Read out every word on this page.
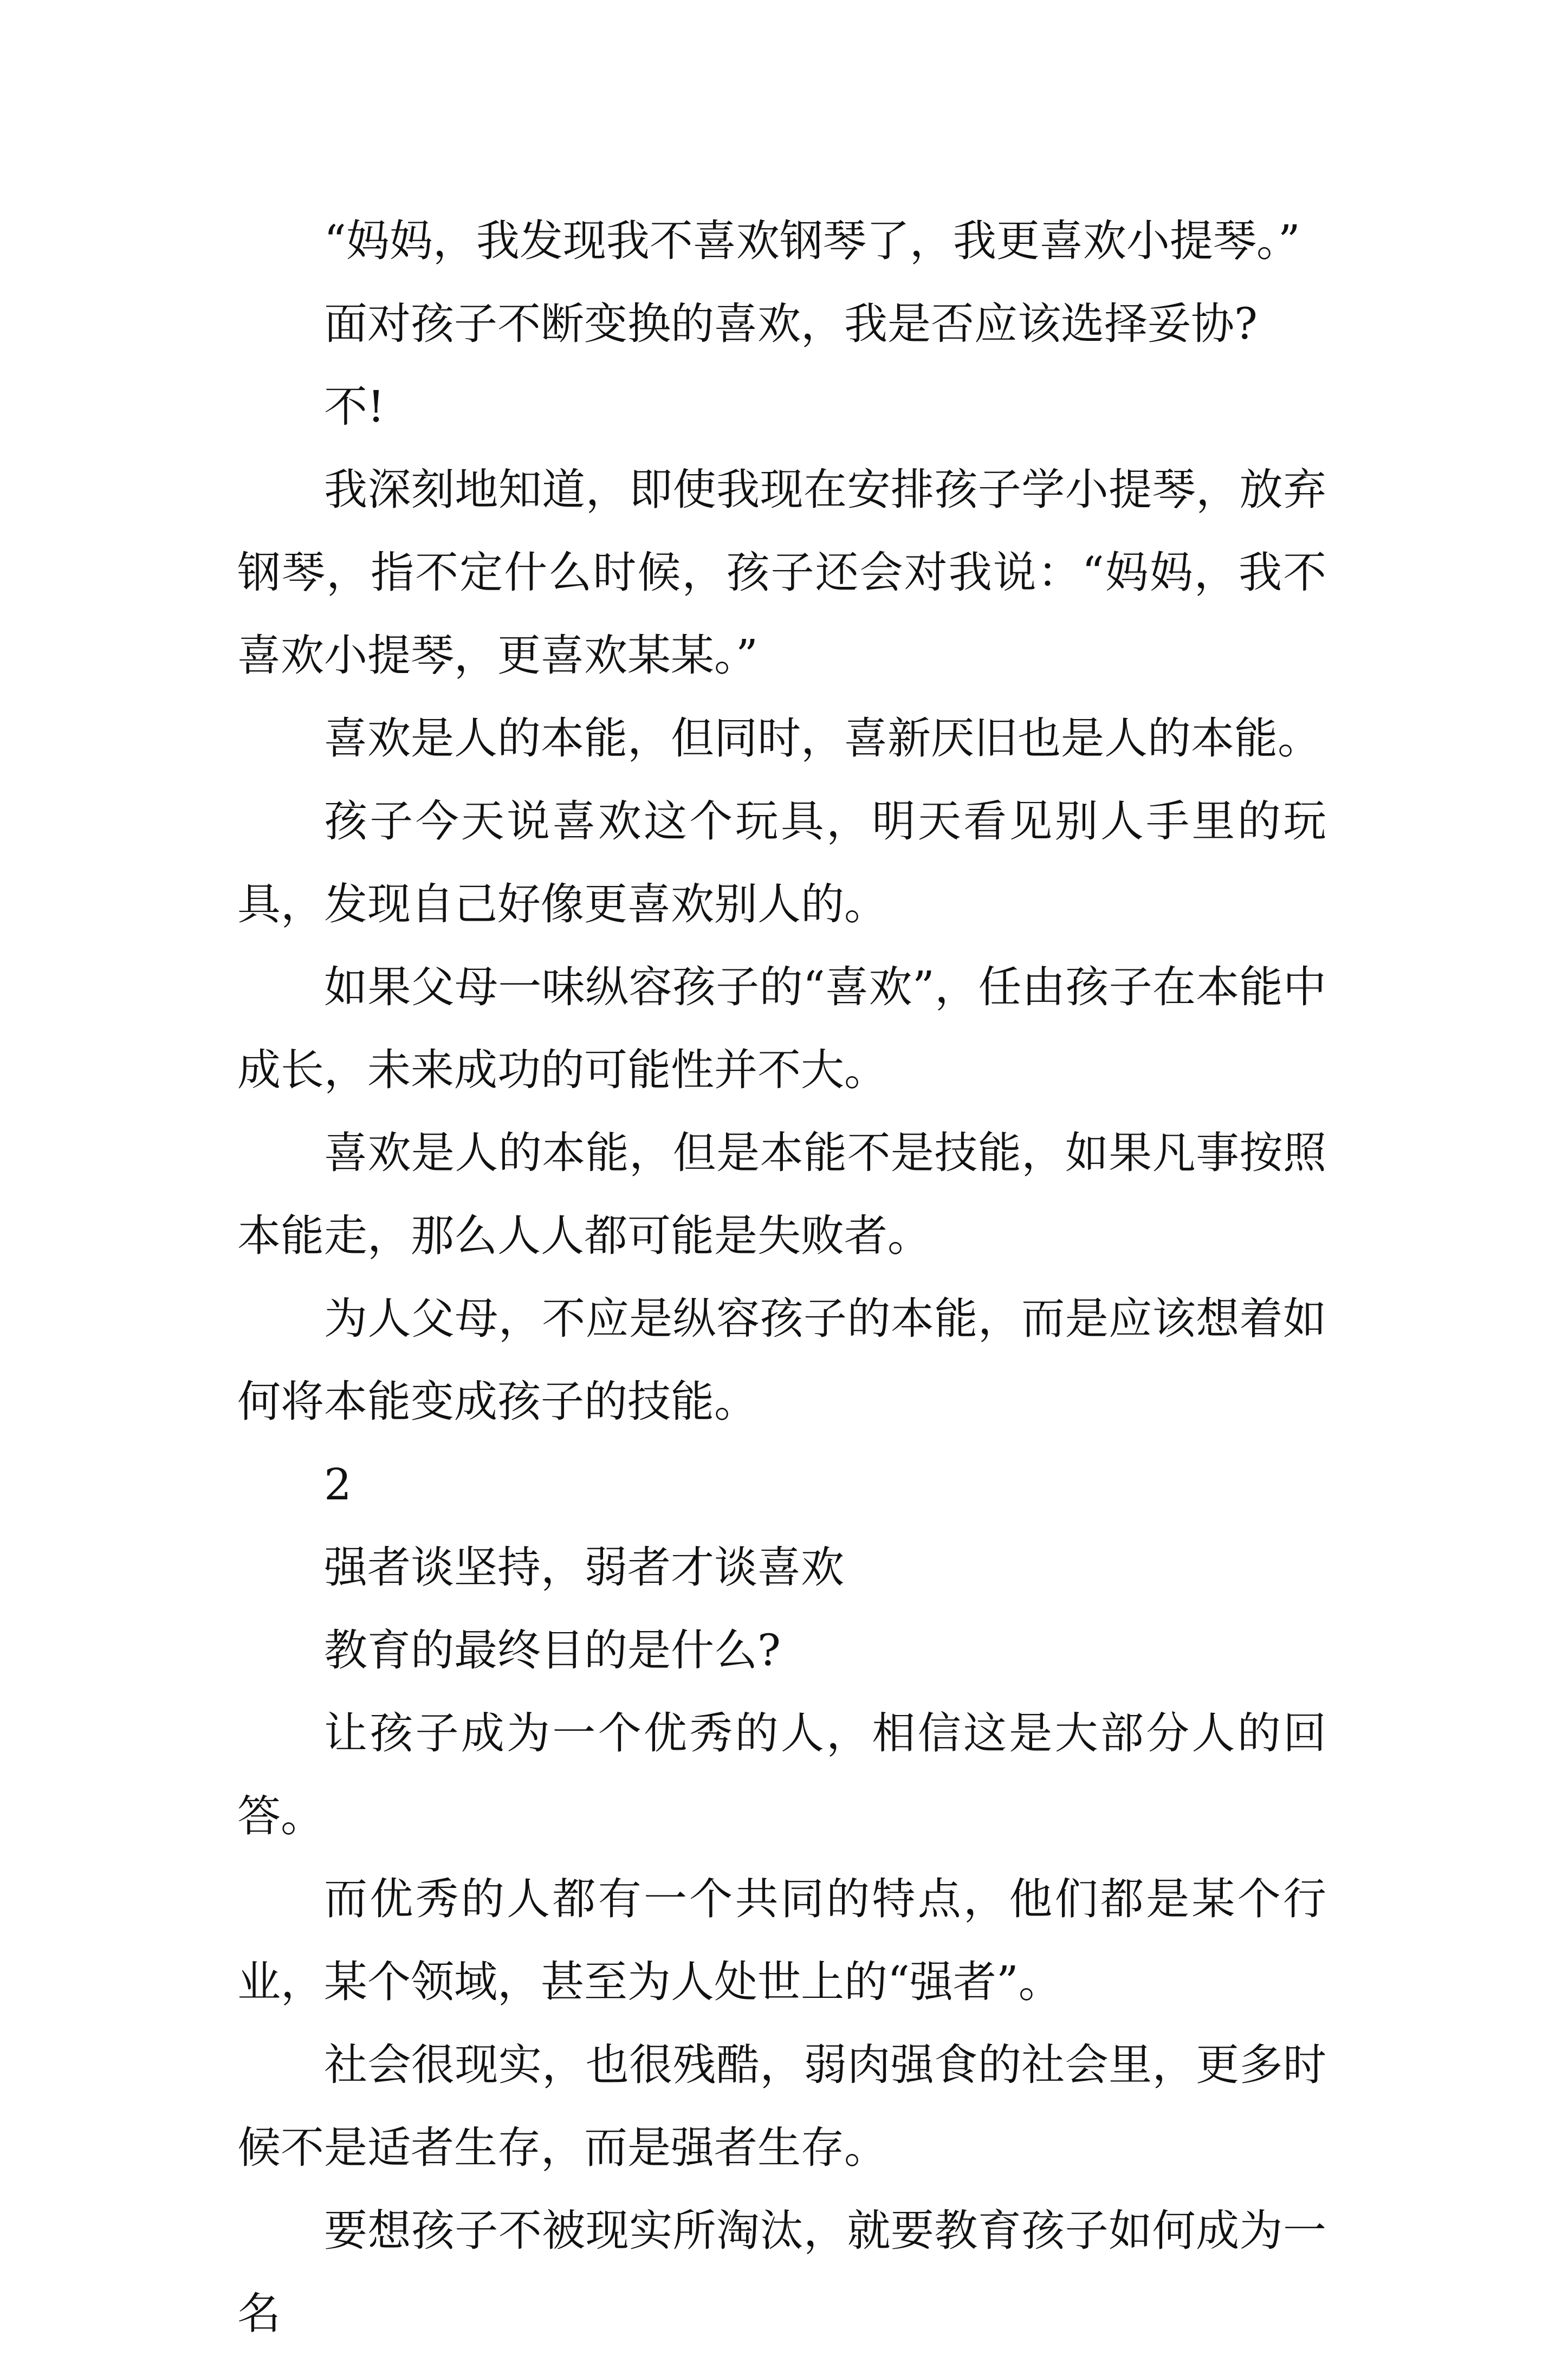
“妈妈，我发现我不喜欢钢琴了，我更喜欢小提琴。”

面对孩子不断变换的喜欢，我是否应该选择妥协?

不!

我深刻地知道，即使我现在安排孩子学小提琴，放弃钢琴，指不定什么时候，孩子还会对我说：“妈妈，我不喜欢小提琴，更喜欢某某。”

喜欢是人的本能，但同时，喜新厌旧也是人的本能。

孩子今天说喜欢这个玩具，明天看见别人手里的玩具，发现自己好像更喜欢别人的。

如果父母一味纵容孩子的“喜欢”，任由孩子在本能中成长，未来成功的可能性并不大。

喜欢是人的本能，但是本能不是技能，如果凡事按照本能走，那么人人都可能是失败者。

为人父母，不应是纵容孩子的本能，而是应该想着如何将本能变成孩子的技能。

2

强者谈坚持，弱者才谈喜欢

教育的最终目的是什么?

让孩子成为一个优秀的人，相信这是大部分人的回答。

而优秀的人都有一个共同的特点，他们都是某个行业，某个领域，甚至为人处世上的“强者”。

社会很现实，也很残酷，弱肉强食的社会里，更多时候不是适者生存，而是强者生存。

要想孩子不被现实所淘汰，就要教育孩子如何成为一名
